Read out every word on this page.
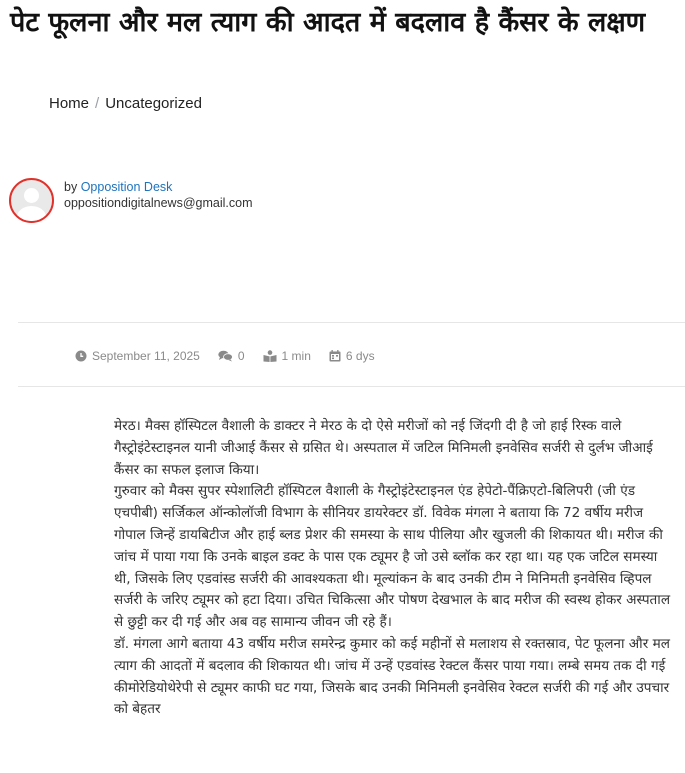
पेट फूलना और मल त्याग की आदत में बदलाव है कैंसर के लक्षण
Home / Uncategorized
by Opposition Desk
oppositiondigitalnews@gmail.com
September 11, 2025	0	1 min	6 dys

मेरठ। मैक्स हॉस्पिटल वैशाली के डाक्टर ने मेरठ के दो ऐसे मरीजों को नई जिंदगी दी है जो हाई रिस्क वाले गैस्ट्रोइंटेस्टाइनल यानी जीआई कैंसर से ग्रसित थे। अस्पताल में जटिल मिनिमली इनवेसिव सर्जरी से दुर्लभ जीआई कैंसर का सफल इलाज किया।

गुरुवार को मैक्स सुपर स्पेशालिटी हॉस्पिटल वैशाली के गैस्ट्रोइंटेस्टाइनल एंड हेपेटो-पैंक्रिएटो-बिलिपरी (जी एंड एचपीबी) सर्जिकल ऑन्कोलॉजी विभाग के सीनियर डायरेक्टर डॉ. विवेक मंगला ने बताया कि 72 वर्षीय मरीज गोपाल जिन्हें डायबिटीज और हाई ब्लड प्रेशर की समस्या के साथ पीलिया और खुजली की शिकायत थी। मरीज की जांच में पाया गया कि उनके बाइल डक्ट के पास एक ट्यूमर है जो उसे ब्लॉक कर रहा था। यह एक जटिल समस्या थी, जिसके लिए एडवांस्ड सर्जरी की आवश्यकता थी। मूल्यांकन के बाद उनकी टीम ने मिनिमती इनवेसिव व्हिपल सर्जरी के जरिए ट्यूमर को हटा दिया। उचित चिकित्सा और पोषण देखभाल के बाद मरीज की स्वस्थ होकर अस्पताल से छुट्टी कर दी गई और अब वह सामान्य जीवन जी रहे हैं।

डॉ. मंगला आगे बताया 43 वर्षीय मरीज समरेन्द्र कुमार को कई महीनों से मलाशय से रक्तस्राव, पेट फूलना और मल त्याग की आदतों में बदलाव की शिकायत थी। जांच में उन्हें एडवांस्ड रेक्टल कैंसर पाया गया। लम्बे समय तक दी गई कीमोरेडियोथेरेपी से ट्यूमर काफी घट गया, जिसके बाद उनकी मिनिमली इनवेसिव रेक्टल सर्जरी की गई और उपचार को बेहतर
